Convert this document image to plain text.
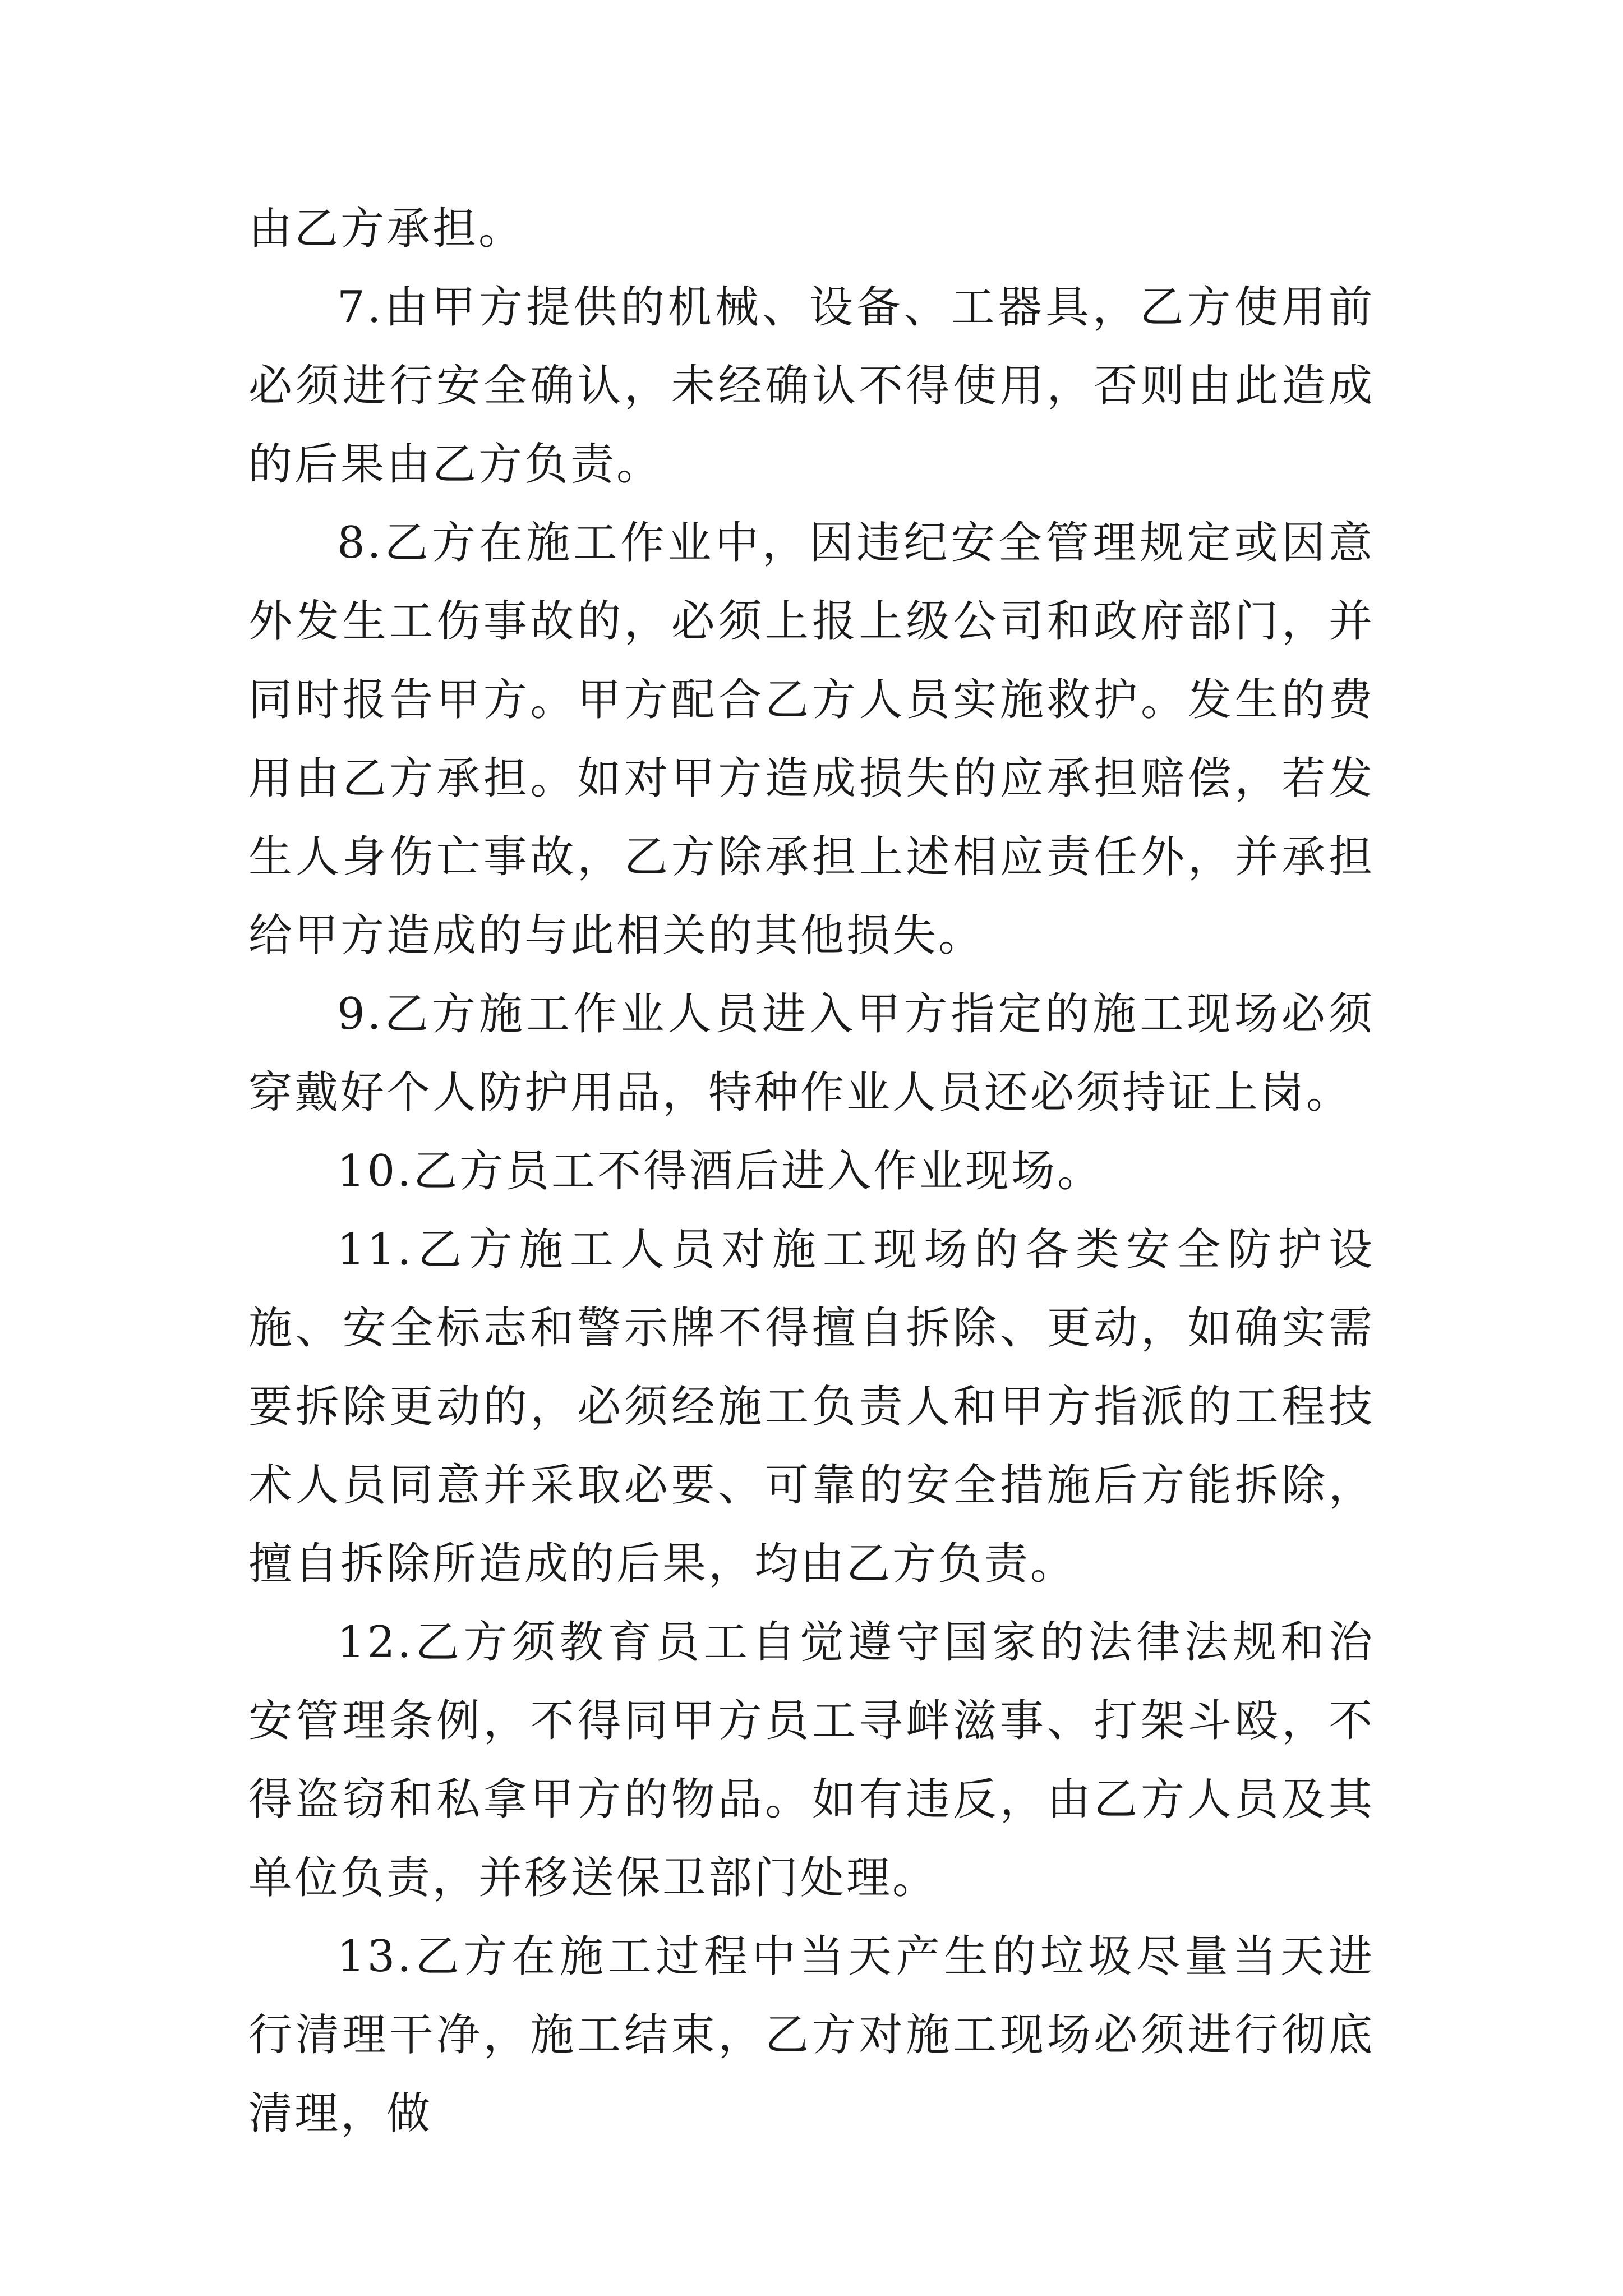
由乙方承担。

7.由甲方提供的机械、设备、工器具，乙方使用前必须进行安全确认，未经确认不得使用，否则由此造成的后果由乙方负责。

8.乙方在施工作业中，因违纪安全管理规定或因意外发生工伤事故的，必须上报上级公司和政府部门，并同时报告甲方。甲方配合乙方人员实施救护。发生的费用由乙方承担。如对甲方造成损失的应承担赔偿，若发生人身伤亡事故，乙方除承担上述相应责任外，并承担给甲方造成的与此相关的其他损失。

9.乙方施工作业人员进入甲方指定的施工现场必须穿戴好个人防护用品，特种作业人员还必须持证上岗。

10.乙方员工不得酒后进入作业现场。

11.乙方施工人员对施工现场的各类安全防护设施、安全标志和警示牌不得擅自拆除、更动，如确实需要拆除更动的，必须经施工负责人和甲方指派的工程技术人员同意并采取必要、可靠的安全措施后方能拆除，擅自拆除所造成的后果，均由乙方负责。

12.乙方须教育员工自觉遵守国家的法律法规和治安管理条例，不得同甲方员工寻衅滋事、打架斗殴，不得盗窃和私拿甲方的物品。如有违反，由乙方人员及其单位负责，并移送保卫部门处理。

13.乙方在施工过程中当天产生的垃圾尽量当天进行清理干净，施工结束，乙方对施工现场必须进行彻底清理，做
